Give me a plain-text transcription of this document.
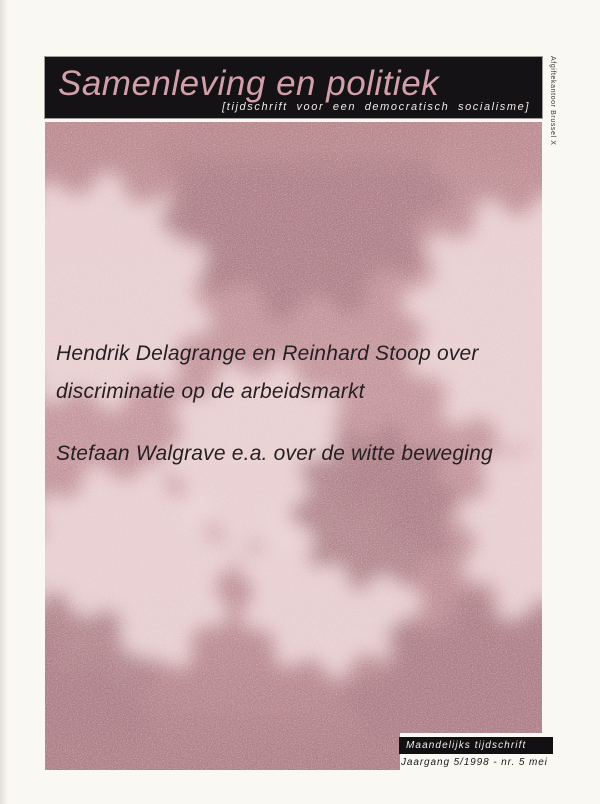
Samenleving en politiek
[tijdschrift voor een democratisch socialisme]	Afgiftekantoor Brussel X
Hendrik Delagrange en Reinhard Stoop over
discriminatie op de arbeidsmarkt
Stefaan Walgrave e.a. over de witte beweging
Maandelijks tijdschrift
Jaargang 5/1998 - nr. 5 mei
